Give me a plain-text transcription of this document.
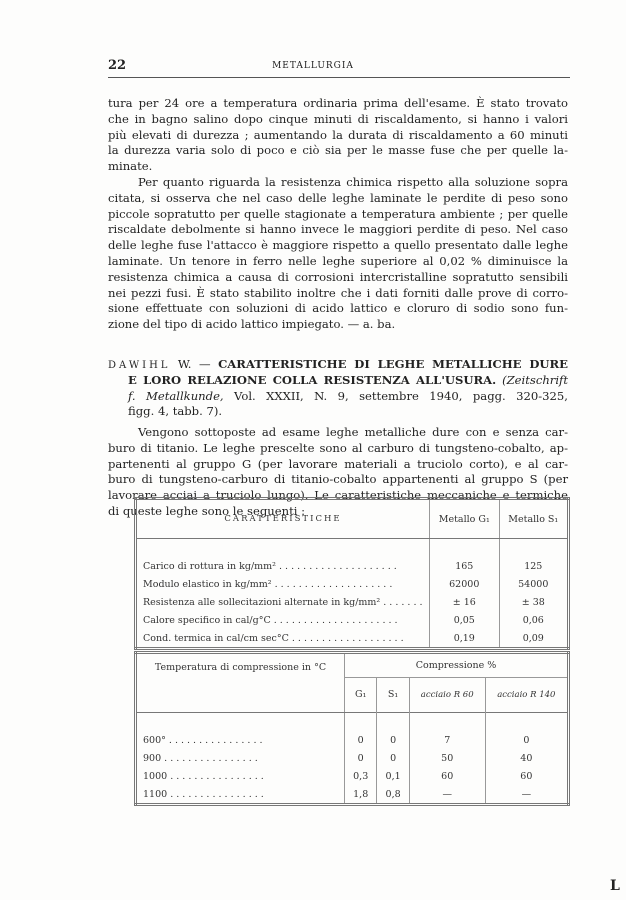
22	METALLURGIA
tura per 24 ore a temperatura ordinaria prima dell'esame. È stato trovato
che in bagno salino dopo cinque minuti di riscaldamento, si hanno i valori
più elevati di durezza ; aumentando la durata di riscaldamento a 60 minuti
la durezza varia solo di poco e ciò sia per le masse fuse che per quelle la-
minate.
Per quanto riguarda la resistenza chimica rispetto alla soluzione sopra
citata, si osserva che nel caso delle leghe laminate le perdite di peso sono
piccole sopratutto per quelle stagionate a temperatura ambiente ; per quelle
riscaldate debolmente si hanno invece le maggiori perdite di peso. Nel caso
delle leghe fuse l'attacco è maggiore rispetto a quello presentato dalle leghe
laminate. Un tenore in ferro nelle leghe superiore al 0,02 % diminuisce la
resistenza chimica a causa di corrosioni intercristalline sopratutto sensibili
nei pezzi fusi. È stato stabilito inoltre che i dati forniti dalle prove di corro-
sione effettuate con soluzioni di acido lattico e cloruro di sodio sono fun-
zione del tipo di acido lattico impiegato. — a. ba.
DAWIHL W. — CARATTERISTICHE DI LEGHE METALLICHE DURE
E LORO RELAZIONE COLLA RESISTENZA ALL'USURA. (Zeitschrift
f. Metallkunde, Vol. XXXII, N. 9, settembre 1940, pagg. 320-325,
figg. 4, tabb. 7).
Vengono sottoposte ad esame leghe metalliche dure con e senza car-
buro di titanio. Le leghe prescelte sono al carburo di tungsteno-cobalto, ap-
partenenti al gruppo G (per lavorare materiali a truciolo corto), e al car-
buro di tungsteno-carburo di titanio-cobalto appartenenti al gruppo S (per
lavorare acciai a truciolo lungo). Le caratteristiche meccaniche e termiche
di queste leghe sono le seguenti :
CARATTERISTICHE	Metallo G₁	Metallo S₁

Carico di rottura in kg/mm² . . . . . . . . . . . . . . . . . . . .	165	125
Modulo elastico in kg/mm² . . . . . . . . . . . . . . . . . . . .	62000	54000
Resistenza alle sollecitazioni alternate in kg/mm² . . . . . . .	± 16	± 38
Calore specifico in cal/g°C . . . . . . . . . . . . . . . . . . . . .	0,05	0,06
Cond. termica in cal/cm sec°C . . . . . . . . . . . . . . . . . . .	0,19	0,09
Temperatura di compressione in °C	Compressione %			
	G₁	S₁	acciaio R 60	acciaio R 140

600° . . . . . . . . . . . . . . . .	0	0	7	0
900 . . . . . . . . . . . . . . . .	0	0	50	40
1000 . . . . . . . . . . . . . . . .	0,3	0,1	60	60
1100 . . . . . . . . . . . . . . . .	1,8	0,8	—	—
L
